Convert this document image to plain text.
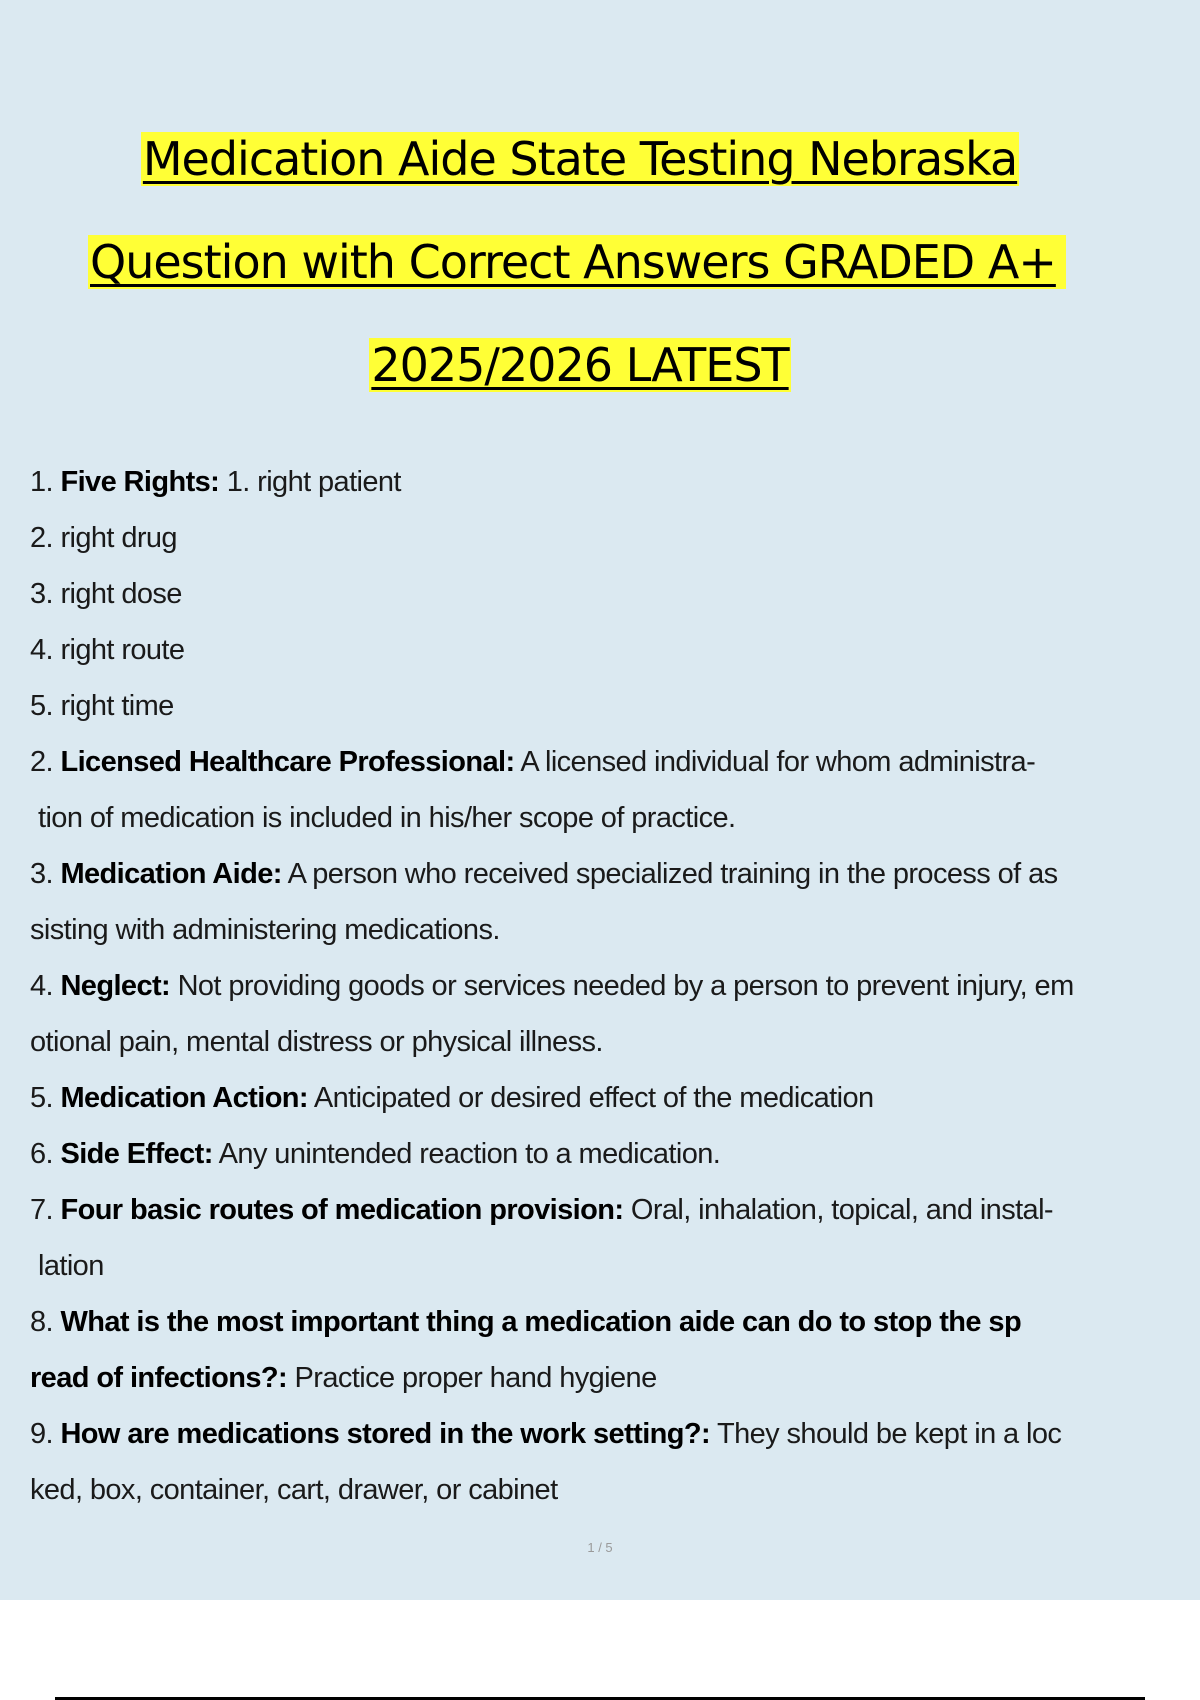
Medication Aide State Testing Nebraska
Question with Correct Answers GRADED A+
2025/2026 LATEST
1. Five Rights: 1. right patient
2. right drug
3. right dose
4. right route
5. right time
2. Licensed Healthcare Professional: A licensed individual for whom administra-
tion of medication is included in his/her scope of practice.
3. Medication Aide: A person who received specialized training in the process of as
sisting with administering medications.
4. Neglect: Not providing goods or services needed by a person to prevent injury, em
otional pain, mental distress or physical illness.
5. Medication Action: Anticipated or desired effect of the medication
6. Side Effect: Any unintended reaction to a medication.
7. Four basic routes of medication provision: Oral, inhalation, topical, and instal-
lation
8. What is the most important thing a medication aide can do to stop the sp
read of infections?: Practice proper hand hygiene
9. How are medications stored in the work setting?: They should be kept in a loc
ked, box, container, cart, drawer, or cabinet
1 / 5
